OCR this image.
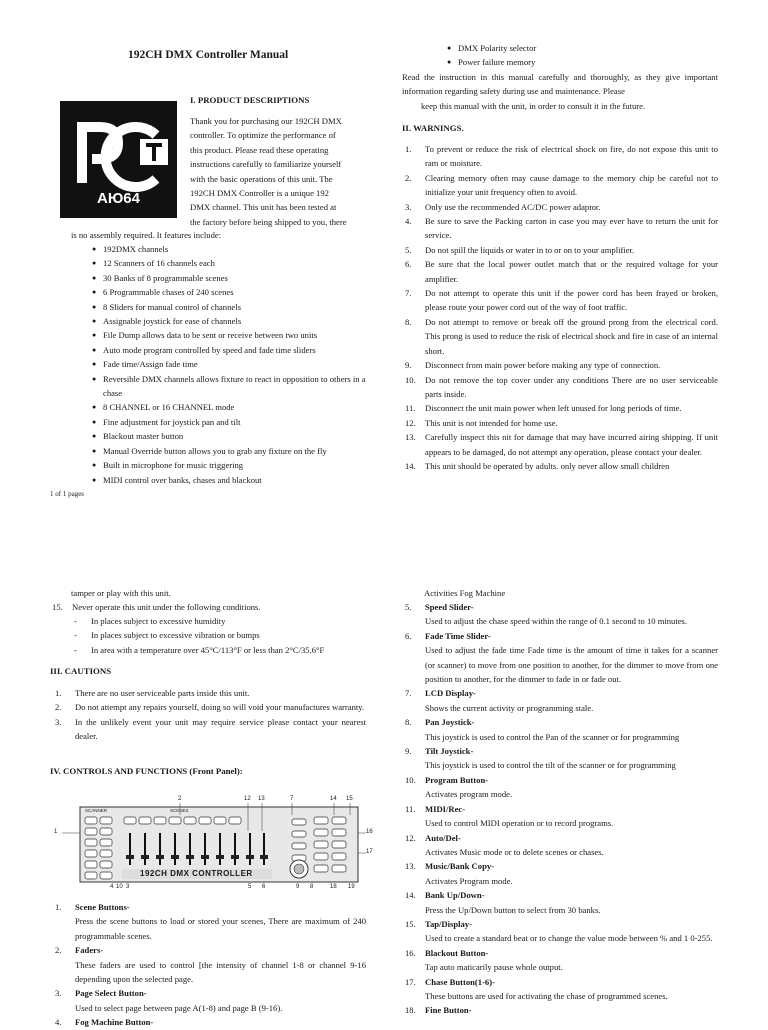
192CH DMX Controller Manual
АЮ64
I. PRODUCT DESCRIPTIONS
Thank you for purchasing our 192CH DMX
controller. To optimize the performance of
this product. Please read these operating
instructions carefully to familiarize yourself
with the basic operations of this unit. The
192CH DMX Controller is a unique 192
DMX channel. This unit has been tested at
the factory before being shipped to you, there
is no assembly required. It features include:
● 192DMX channels
● 12 Scanners of 16 channels each
● 30 Banks of 8 programmable scenes
● 6 Programmable chases of 240 scenes
● 8 Sliders for manual control of channels
● Assignable joystick for ease of channels
● File Dump allows data to be sent or receive between two units
● Auto mode program controlled by speed and fade time sliders
● Fade time/Assign fade time
● Reversible DMX channels allows fixture to react in opposition to others in a chase
● 8 CHANNEL or 16 CHANNEL mode
● Fine adjustment for joystick pan and tilt
● Blackout master button
● Manual Override button allows you to grab any fixture on the fly
● Built in microphone for music triggering
● MIDI control over banks, chases and blackout
1 of 1 pages
● DMX Polarity selector
● Power failure memory
Read the instruction in this manual carefully and thoroughly, as they give important information regarding safety during use and maintenance. Please
keep this manual with the unit, in order to consult it in the future.
II. WARNINGS.
1. To prevent or reduce the risk of electrical shock on fire, do not expose this unit to ram or moisture.
2. Clearing memory often may cause damage to the memory chip be careful not to initialize your unit frequency often to avoid.
3. Only use the recommended AC/DC power adaptor.
4. Be sure to save the Packing carton in case you may ever have to return the unit for service.
5. Do not spill the liquids or water in to or on to your amplifier.
6. Be sure that the local power outlet match that or the required voltage for your amplifier.
7. Do not attempt to operate this unit if the power cord has been frayed or broken, please route your power cord out of the way of foot traffic.
8. Do not attempt to remove or break off the ground prong from the electrical cord. This prong is used to reduce the risk of electrical shock and fire in case of an internal short.
9. Disconnect from main power before making any type of connection.
10. Do not remove the top cover under any conditions There are no user serviceable parts inside.
11. Disconnect the unit main power when left unused for long periods of time.
12. This unit is not intended for home use.
13. Carefully inspect this nit for damage that may have incurred airing shipping. If unit appears to be damaged, do not attempt any operation, please contact your dealer.
14. This unit should be operated by adults. only never allow small children
tamper or play with this unit.
15. Never operate this unit under the following conditions.
- In places subject to excessive humidity
- In places subject to excessive vibration or bumps
- In area with a temperature over 45°C/113°F or less than 2°C/35.6°F
III. CAUTIONS
1. There are no user serviceable parts inside this unit.
2. Do not attempt any repairs yourself, doing so will void your manufactures warranty.
3. In the unlikely event your unit may require service please contact your nearest dealer.
IV. CONTROLS AND FUNCTIONS (Front Panel):
192CH DMX CONTROLLER
SCANNER	SCENES
2	12 13	7	14 15
16
17
1
4 10 3	5 6	9 8	18 19
1. Scene Buttons-
Press the scene buttons to load or stored your scenes, There are maximum of 240 programmable scenes.
2. Faders-
These faders are used to control [the intensity of channel 1-8 or channel 9-16 depending upon the selected page.
3. Page Select Button-
Used to select page between page A(1-8) and page B (9-16).
4. Fog Machine Button-
Activities Fog Machine
5. Speed Slider-
Used to adjust the chase speed within the range of 0.1 second to 10 minutes.
6. Fade Time Slider-
Used to adjust the fade time Fade time is the amount of time it takes for a scanner (or scanner) to move from one position to another, for the dimmer to move from one position to another, for the dimmer to fade in or fade out.
7. LCD Display-
Shows the current activity or programming stale.
8. Pan Joystick-
This joystick is used to control the Pan of the scanner or for programming
9. Tilt Joystick-
This joystick is used to control the tilt of the scanner or for programming
10. Program Button-
Activates program mode.
11. MIDI/Rec-
Used to control MIDI operation or to record programs.
12. Auto/Del-
Activates Music mode or to delete scenes or chases.
13. Music/Bank Copy-
Activates Program mode.
14. Bank Up/Down-
Press the Up/Down button to select from 30 banks.
15. Tap/Display-
Used to create a standard beat or to change the value mode between % and 1 0-255.
16. Blackout Button-
Tap auto maticarily pause whole output.
17. Chase Button(1-6)-
These buttons are used for activating the chase of programmed scenes.
18. Fine Button-
